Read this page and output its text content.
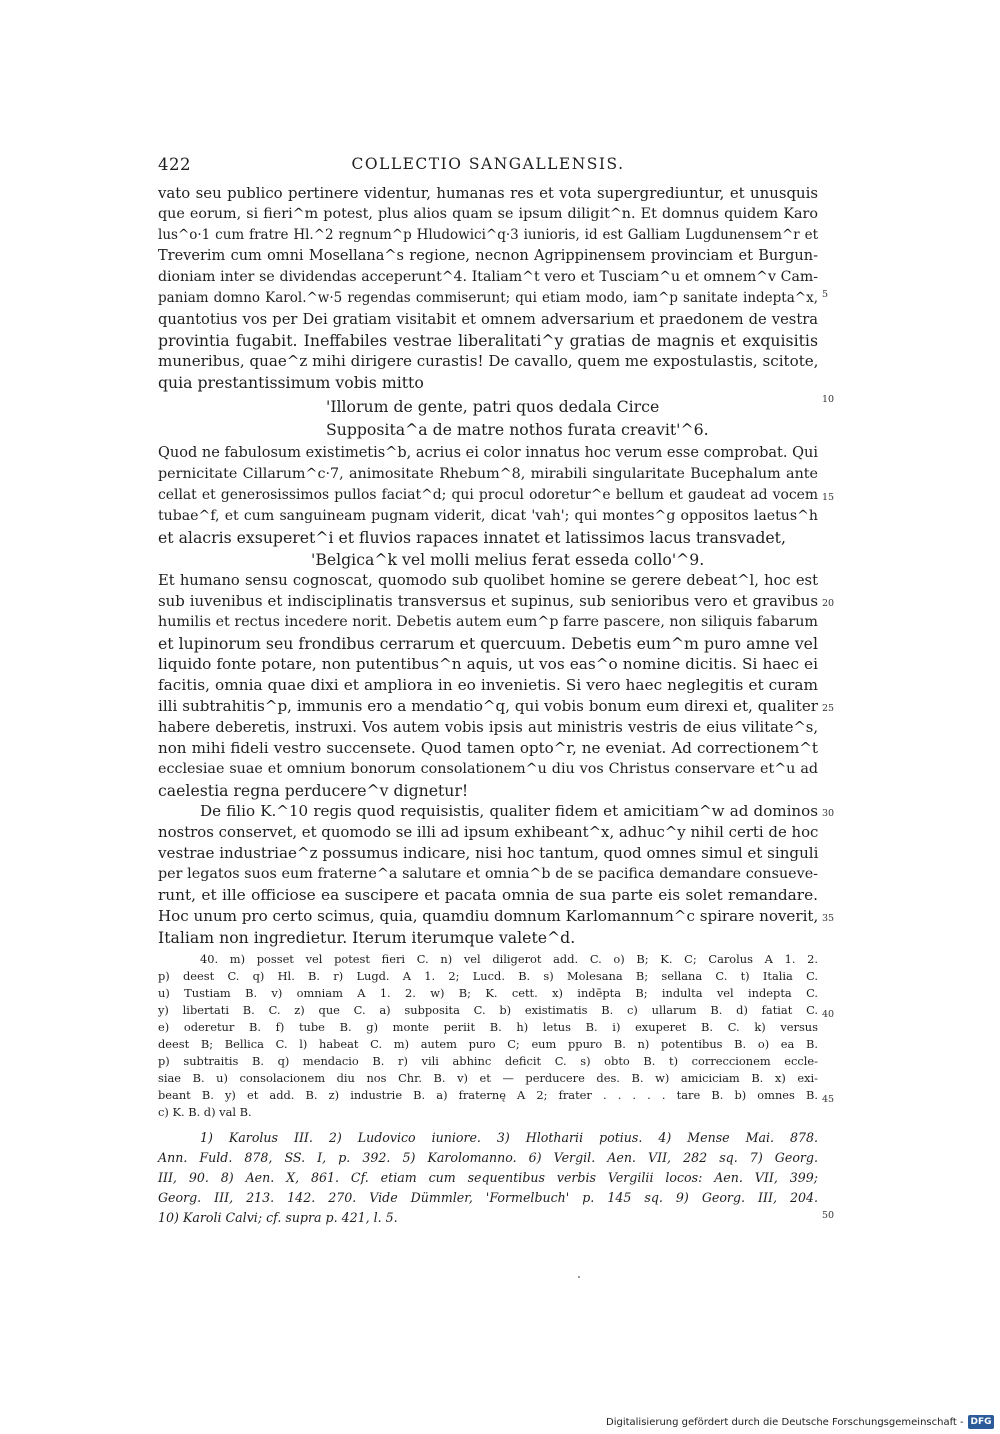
422	COLLECTIO SANGALLENSIS.
vato seu publico pertinere videntur, humanas res et vota supergrediuntur, et unusquis
que eorum, si fieri^m potest, plus alios quam se ipsum diligit^n. Et domnus quidem Karo
lus^o·1 cum fratre Hl.^2 regnum^p Hludowici^q·3 iunioris, id est Galliam Lugdunensem^r et
Treverim cum omni Mosellana^s regione, necnon Agrippinensem provinciam et Burgun-
dioniam inter se dividendas acceperunt^4. Italiam^t vero et Tusciam^u et omnem^v Cam-
paniam domno Karol.^w·5 regendas commiserunt; qui etiam modo, iam^p sanitate indepta^x,
quantotius vos per Dei gratiam visitabit et omnem adversarium et praedonem de vestra
provintia fugabit. Ineffabiles vestrae liberalitati^y gratias de magnis et exquisitis
muneribus, quae^z mihi dirigere curastis! De cavallo, quem me expostulastis, scitote,
quia prestantissimum vobis mitto
'Illorum de gente, patri quos dedala Circe
Supposita^a de matre nothos furata creavit'^6.
Quod ne fabulosum existimetis^b, acrius ei color innatus hoc verum esse comprobat. Qui
pernicitate Cillarum^c·7, animositate Rhebum^8, mirabili singularitate Bucephalum ante
cellat et generosissimos pullos faciat^d; qui procul odoretur^e bellum et gaudeat ad vocem
tubae^f, et cum sanguineam pugnam viderit, dicat 'vah'; qui montes^g oppositos laetus^h
et alacris exsuperet^i et fluvios rapaces innatet et latissimos lacus transvadet,
'Belgica^k vel molli melius ferat esseda collo'^9.
Et humano sensu cognoscat, quomodo sub quolibet homine se gerere debeat^l, hoc est
sub iuvenibus et indisciplinatis transversus et supinus, sub senioribus vero et gravibus
humilis et rectus incedere norit. Debetis autem eum^p farre pascere, non siliquis fabarum
et lupinorum seu frondibus cerrarum et quercuum. Debetis eum^m puro amne vel
liquido fonte potare, non putentibus^n aquis, ut vos eas^o nomine dicitis. Si haec ei
facitis, omnia quae dixi et ampliora in eo invenietis. Si vero haec neglegitis et curam
illi subtrahitis^p, immunis ero a mendatio^q, qui vobis bonum eum direxi et, qualiter
habere deberetis, instruxi. Vos autem vobis ipsis aut ministris vestris de eius vilitate^s,
non mihi fideli vestro succensete. Quod tamen opto^r, ne eveniat. Ad correctionem^t
ecclesiae suae et omnium bonorum consolationem^u diu vos Christus conservare et^u ad
caelestia regna perducere^v dignetur!
De filio K.^10 regis quod requisistis, qualiter fidem et amicitiam^w ad dominos
nostros conservet, et quomodo se illi ad ipsum exhibeant^x, adhuc^y nihil certi de hoc
vestrae industriae^z possumus indicare, nisi hoc tantum, quod omnes simul et singuli
per legatos suos eum fraterne^a salutare et omnia^b de se pacifica demandare consueve-
runt, et ille officiose ea suscipere et pacata omnia de sua parte eis solet remandare.
Hoc unum pro certo scimus, quia, quamdiu domnum Karlomannum^c spirare noverit,
Italiam non ingredietur. Iterum iterumque valete^d.
40. m) posset vel potest fieri C. n) vel diligerot add. C. o) B; K. C; Carolus A 1. 2.
p) deest C. q) Hl. B. r) Lugd. A 1. 2; Lucd. B. s) Molesana B; sellana C. t) Italia C.
u) Tustiam B. v) omniam A 1. 2. w) B; K. cett. x) indēpta B; indulta vel indepta C.
y) libertati B. C. z) que C. a) subposita C. b) existimatis B. c) ullarum B. d) fatiat C.
e) oderetur B. f) tube B. g) monte periit B. h) letus B. i) exuperet B. C. k) versus
deest B; Bellica C. l) habeat C. m) autem puro C; eum ppuro B. n) potentibus B. o) ea B.
p) subtraitis B. q) mendacio B. r) vili abhinc deficit C. s) obto B. t) correccionem eccle-
siae B. u) consolacionem diu nos Chr. B. v) et — perducere des. B. w) amiciciam B. x) exi-
beant B. y) et add. B. z) industrie B. a) fraternę A 2; frater . . . . . tare B. b) omnes B.
c) K. B. d) val B.
1) Karolus III. 2) Ludovico iuniore. 3) Hlotharii potius. 4) Mense Mai. 878.
Ann. Fuld. 878, SS. I, p. 392. 5) Karolomanno. 6) Vergil. Aen. VII, 282 sq. 7) Georg.
III, 90. 8) Aen. X, 861. Cf. etiam cum sequentibus verbis Vergilii locos: Aen. VII, 399;
Georg. III, 213. 142. 270. Vide Dümmler, 'Formelbuch' p. 145 sq. 9) Georg. III, 204.
10) Karoli Calvi; cf. supra p. 421, l. 5.
5
10
15
20
25
30
35
40
45
50
Digitalisierung gefördert durch die Deutsche Forschungsgemeinschaft - DFG
